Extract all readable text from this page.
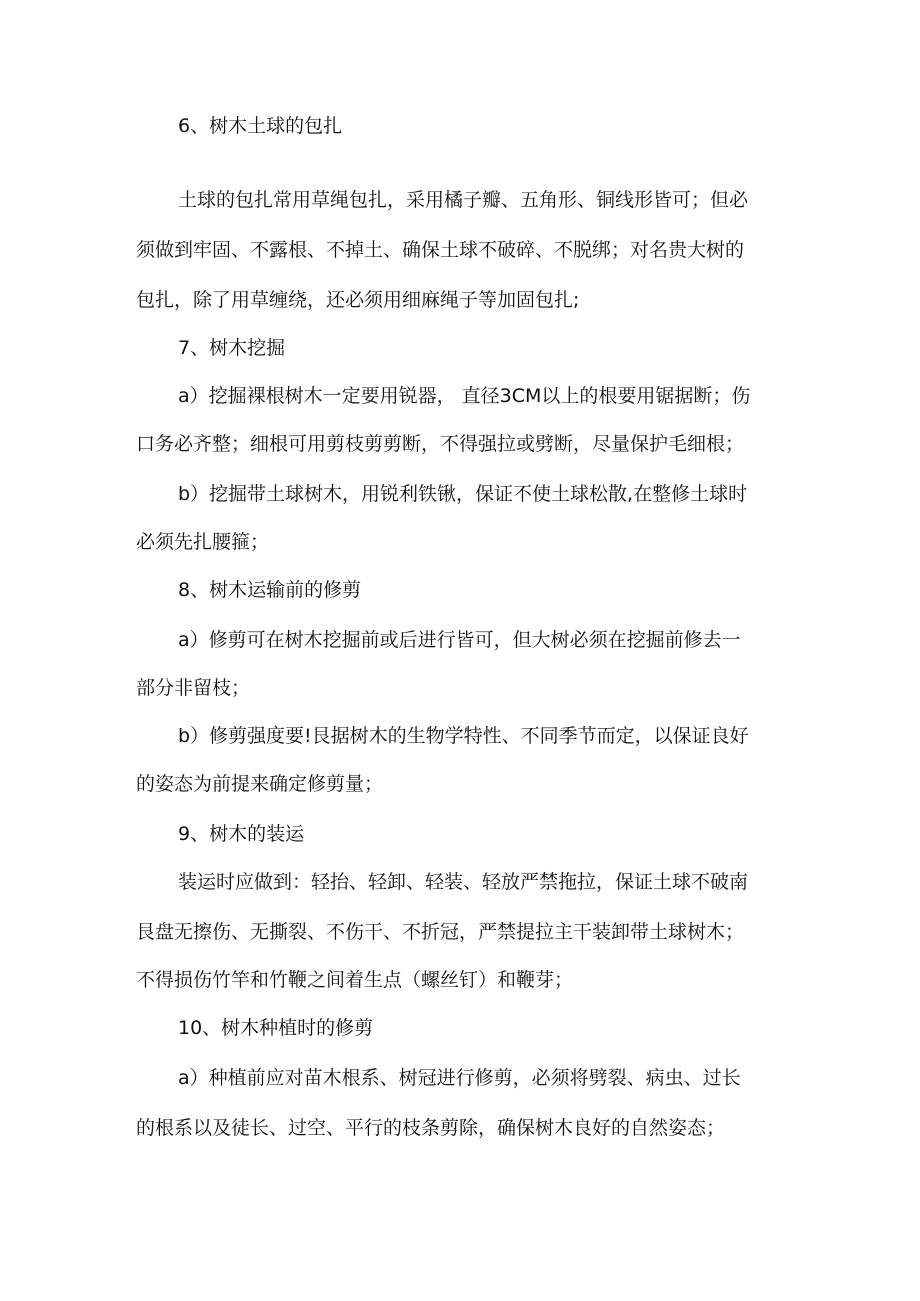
6、树木土球的包扎
土球的包扎常用草绳包扎，采用橘子瓣、五角形、铜线形皆可；但必
须做到牢固、不露根、不掉土、确保土球不破碎、不脱绑；对名贵大树的
包扎，除了用草缠绕，还必须用细麻绳子等加固包扎;
7、树木挖掘
a）挖掘裸根树木一定要用锐器， 直径3CM以上的根要用锯据断；伤
口务必齐整；细根可用剪枝剪剪断，不得强拉或劈断，尽量保护毛细根；
b）挖掘带土球树木，用锐利铁锹，保证不使土球松散,在整修土球时
必须先扎腰箍；
8、树木运输前的修剪
a）修剪可在树木挖掘前或后进行皆可，但大树必须在挖掘前修去一
部分非留枝；
b）修剪强度要!艮据树木的生物学特性、不同季节而定，以保证良好
的姿态为前提来确定修剪量；
9、树木的装运
装运时应做到：轻抬、轻卸、轻装、轻放严禁拖拉，保证土球不破南
艮盘无擦伤、无撕裂、不伤干、不折冠，严禁提拉主干装卸带土球树木；
不得损伤竹竿和竹鞭之间着生点（螺丝钉）和鞭芽；
10、树木种植时的修剪
a）种植前应对苗木根系、树冠进行修剪，必须将劈裂、病虫、过长
的根系以及徒长、过空、平行的枝条剪除，确保树木良好的自然姿态；
